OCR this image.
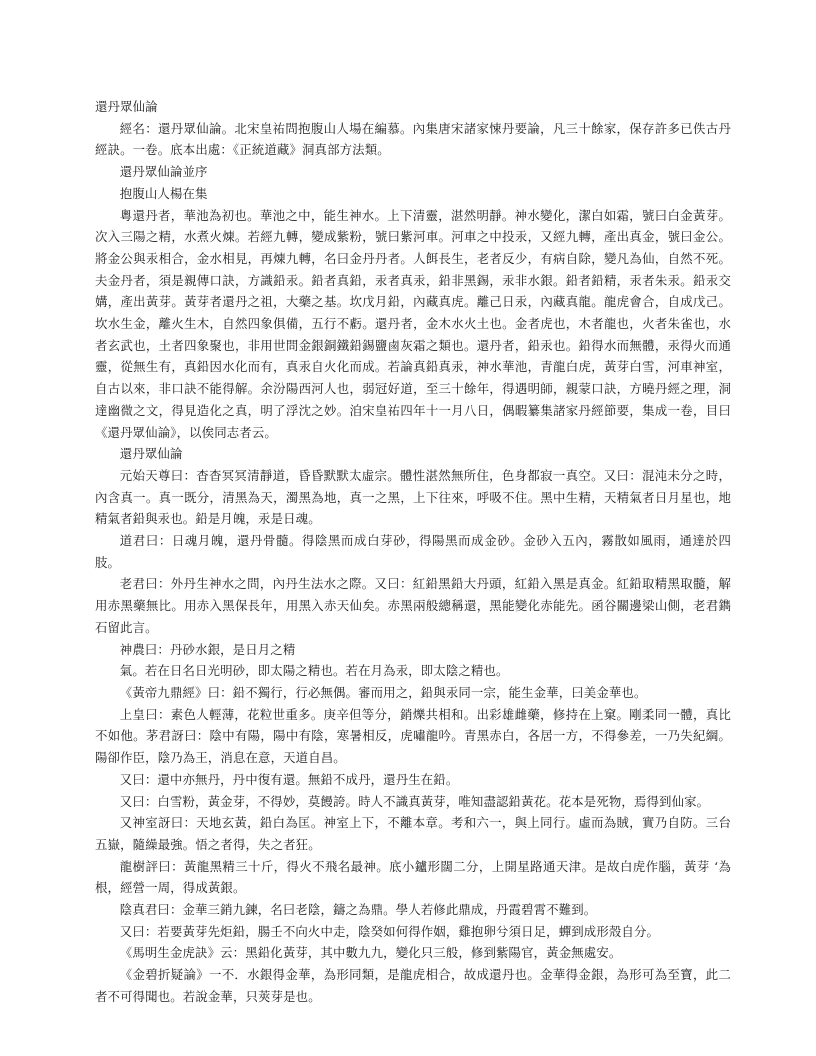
還丹眾仙論

經名：還丹眾仙論。北宋皇祐問抱腹山人場在編慕。內集唐宋諸家悚丹要論，凡三十餘家，保存許多已佚古丹經訣。一卷。底本出處：《正統道藏》洞真部方法類。

還丹眾仙論並序

抱腹山人楊在集

粵還丹者，華池為初也。華池之中，能生神水。上下清靈，湛然明靜。神水變化，潔白如霜，號曰白金黃芽。次入三陽之精，水煮火煉。若經九轉，變成紫粉，號曰紫河車。河車之中投汞，又經九轉，產出真金，號曰金公。將金公與汞相合，金水相見，再煉九轉，名曰金丹丹者。人餌長生，老者反少，有病自除，變凡為仙，自然不死。夫金丹者，須是親傳口訣，方識鉛汞。鉛者真鉛，汞者真汞，鉛非黑錫，汞非水銀。鉛者鉛精，汞者朱汞。鉛汞交媾，產出黃芽。黃芽者還丹之祖，大藥之基。坎戊月鉛，內藏真虎。離己日汞，內藏真龍。龍虎會合，自成戊己。坎水生金，離火生木，自然四象俱備，五行不虧。還丹者，金木水火土也。金者虎也，木者龍也，火者朱雀也，水者玄武也，土者四象聚也，非用世問金銀銅鐵鉛錫鹽鹵灰霜之類也。還丹者，鉛汞也。鉛得水而無體，汞得火而通靈，從無生有，真鉛因水化而有，真汞自火化而成。若論真鉛真汞，神水華池，青龍白虎，黃芽白雪，河車神室，自古以來，非口訣不能得解。余汾陽西河人也，弱冠好道，至三十餘年，得遇明師，親蒙口訣，方曉丹經之理，洞達幽微之文，得見造化之真，明了浮沈之妙。洎宋皇祐四年十一月八日，偶暇纂集諸家丹經節要，集成一卷，目曰《還丹眾仙論》，以俟同志者云。

還丹眾仙論

元始天尊曰：杳杳冥冥清靜道，昏昏默默太虛宗。體性湛然無所住，色身都寂一真空。又曰：混沌未分之時，內含真一。真一既分，清黑為天，濁黑為地，真一之黑，上下往來，呼吸不住。黑中生精，天精氣者日月星也，地精氣者鉛與汞也。鉛是月魄，汞是日魂。

道君曰：日魂月魄，還丹骨髓。得陰黑而成白芽砂，得陽黑而成金砂。金砂入五內，霧散如風雨，通達於四肢。

老君曰：外丹生神水之問，內丹生法水之際。又曰：紅鉛黑鉛大丹頭，紅鉛入黑是真金。紅鉛取精黑取髓，解用赤黑藥無比。用赤入黑保長年，用黑入赤天仙矣。赤黑兩般總稱還，黑能變化赤能先。函谷關邊梁山側，老君鐫石留此言。

神農曰：丹砂水銀，是日月之精

氣。若在日名日光明砂，即太陽之精也。若在月為汞，即太陰之精也。

《黃帝九鼎經》曰：鉛不獨行，行必無偶。審而用之，鉛與汞同一宗，能生金華，曰美金華也。

上皇曰：素色人輕薄，花粒世重多。庚辛但等分，銷爍共相和。出彩雄雌藥，修持在上窠。剛柔同一體，真比不如他。茅君訝曰：陰中有陽，陽中有陰，寒暑相反，虎嘯龍吟。青黑赤白，各居一方，不得參差，一乃失紀綱。陽卻作臣，陰乃為王，消息在意，天道自昌。

又曰：還中亦無丹，丹中復有還。無鉛不成丹，還丹生在鉛。

又曰：白雪粉，黃金芽，不得妙，莫饅誇。時人不識真黃芽，唯知盡認鉛黃花。花本是死物，焉得到仙家。

又神室訝曰：天地玄黃，鉛白為匡。神室上下，不離本章。考和六一，與上同行。虛而為賊，實乃自防。三台五嶽，隨繰最強。悟之者得，失之者狂。

龍樹評曰：黃龍黑精三十斤，得火不飛名最神。底小鑪形闊二分，上開星路通天津。是故白虎作腦，黃芽 ‘為根，經營一周，得成黃銀。

陰真君曰：金華三銷九鍊，名曰老陰，鑄之為鼎。學人若修此鼎成，丹霞碧霄不難到。

又曰：若要黃芽先炬鉛，腸壬不向火中走，陰癸如何得作姻，雞抱卵兮須日足，蟬到成形殼自分。

《馬明生金虎訣》云：黑鉛化黃芽，其中數九九，變化只三般，修到紫陽官，黃金無處安。

《金碧折疑論》一不．水銀得金華，為形同類，是龍虎相合，故成還丹也。金華得金銀，為形可為至寶，此二者不可得聞也。若說金華，只莢芽是也。
